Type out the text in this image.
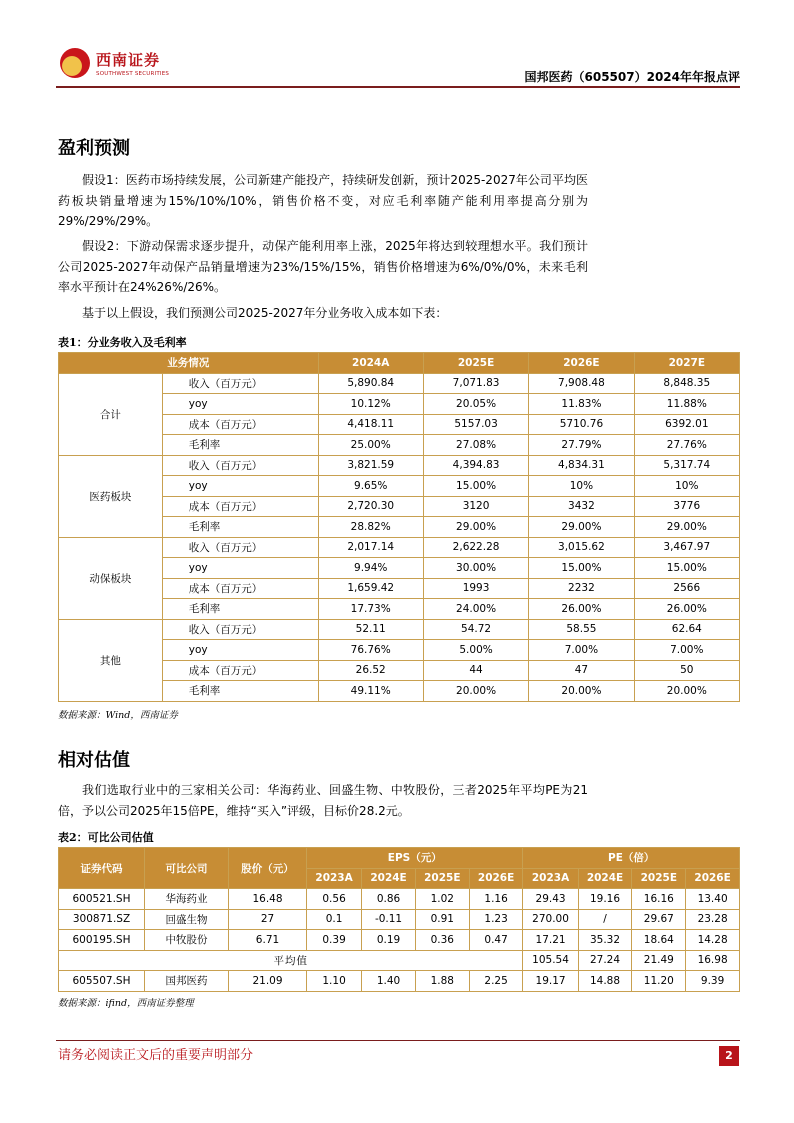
西南证券
SOUTHWEST SECURITIES	国邦医药（605507）2024年年报点评
盈利预测
假设1：医药市场持续发展，公司新建产能投产，持续研发创新，预计2025-2027年公司平均医药板块销量增速为15%/10%/10%，销售价格不变，对应毛利率随产能利用率提高分别为29%/29%/29%。
假设2：下游动保需求逐步提升，动保产能利用率上涨，2025年将达到较理想水平。我们预计公司2025-2027年动保产品销量增速为23%/15%/15%，销售价格增速为6%/0%/0%，未来毛利率水平预计在24%26%/26%。
基于以上假设，我们预测公司2025-2027年分业务收入成本如下表：
表1：分业务收入及毛利率
业务情况		2024A	2025E	2026E	2027E
合计	收入（百万元）	5,890.84	7,071.83	7,908.48	8,848.35
	yoy	10.12%	20.05%	11.83%	11.88%
	成本（百万元）	4,418.11	5157.03	5710.76	6392.01
	毛利率	25.00%	27.08%	27.79%	27.76%
医药板块	收入（百万元）	3,821.59	4,394.83	4,834.31	5,317.74
	yoy	9.65%	15.00%	10%	10%
	成本（百万元）	2,720.30	3120	3432	3776
	毛利率	28.82%	29.00%	29.00%	29.00%
动保板块	收入（百万元）	2,017.14	2,622.28	3,015.62	3,467.97
	yoy	9.94%	30.00%	15.00%	15.00%
	成本（百万元）	1,659.42	1993	2232	2566
	毛利率	17.73%	24.00%	26.00%	26.00%
其他	收入（百万元）	52.11	54.72	58.55	62.64
	yoy	76.76%	5.00%	7.00%	7.00%
	成本（百万元）	26.52	44	47	50
	毛利率	49.11%	20.00%	20.00%	20.00%
数据来源：Wind，西南证券
相对估值
我们选取行业中的三家相关公司：华海药业、回盛生物、中牧股份，三者2025年平均PE为21倍，予以公司2025年15倍PE，维持“买入”评级，目标价28.2元。
表2：可比公司估值
证券代码	可比公司	股价（元）	EPS（元）				PE（倍）			
			2023A	2024E	2025E	2026E	2023A	2024E	2025E	2026E
600521.SH	华海药业	16.48	0.56	0.86	1.02	1.16	29.43	19.16	16.16	13.40
300871.SZ	回盛生物	27	0.1	-0.11	0.91	1.23	270.00	/	29.67	23.28
600195.SH	中牧股份	6.71	0.39	0.19	0.36	0.47	17.21	35.32	18.64	14.28
平均值							105.54	27.24	21.49	16.98
605507.SH	国邦医药	21.09	1.10	1.40	1.88	2.25	19.17	14.88	11.20	9.39
数据来源：ifind，西南证券整理
请务必阅读正文后的重要声明部分	2
